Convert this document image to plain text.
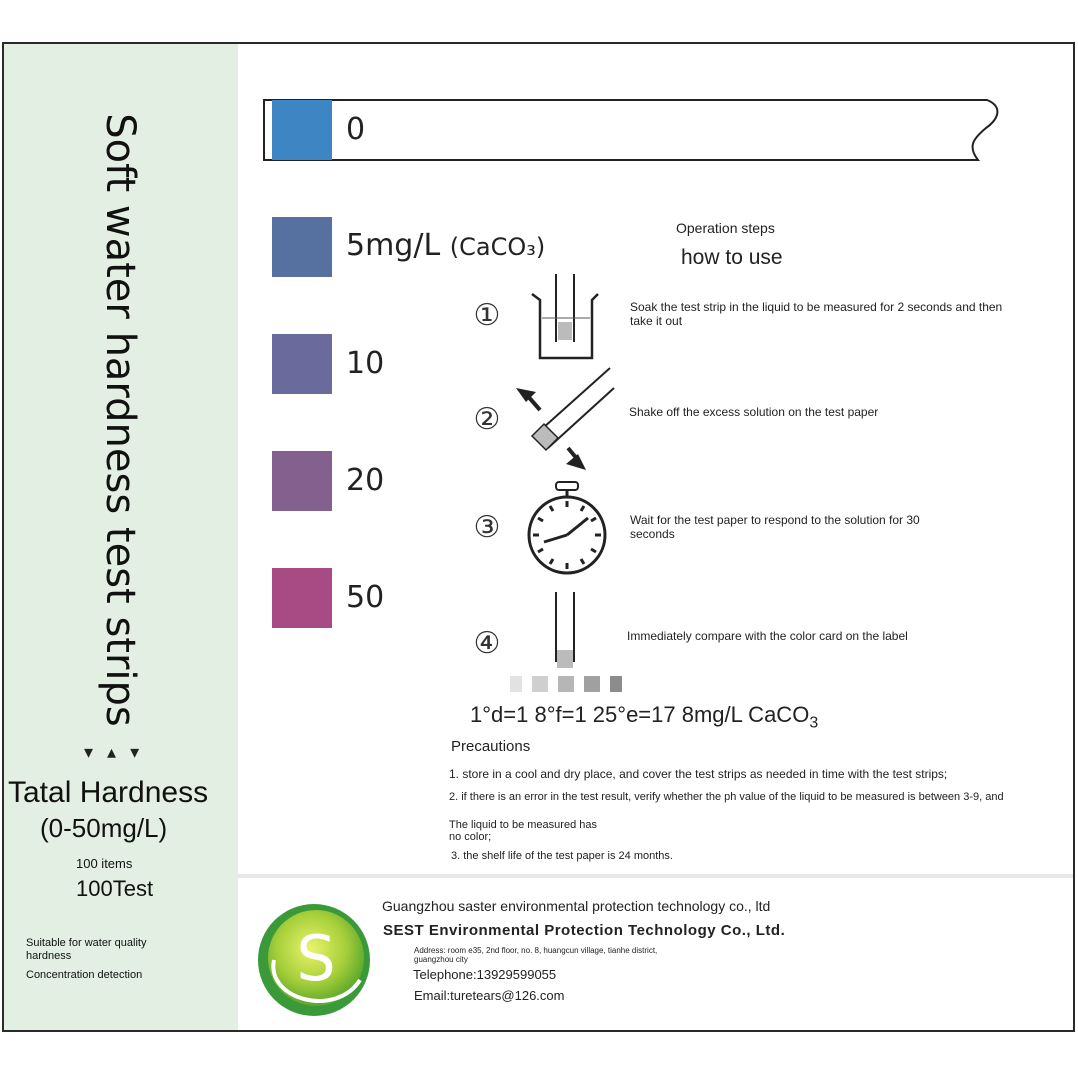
Soft water hardness test strips
▾▴▾
Tatal Hardness
(0-50mg/L)
100 items
100Test
Suitable for water quality hardness
Concentration detection
0
5mg/L (CaCO₃)
10
20
50
Operation steps
how to use
①	Soak the test strip in the liquid to be measured for 2 seconds and then take it out
②	Shake off the excess solution on the test paper
③	Wait for the test paper to respond to the solution for 30 seconds
④	Immediately compare with the color card on the label
1°d=1 8°f=1 25°e=17 8mg/L CaCO$_3$
Precautions
1. store in a cool and dry place, and cover the test strips as needed in time with the test strips;
2. if there is an error in the test result, verify whether the ph value of the liquid to be measured is between 3-9, and
The liquid to be measured has no color;
3. the shelf life of the test paper is 24 months.
S
Guangzhou saster environmental protection technology co., ltd
SEST Environmental Protection Technology Co., Ltd.
Address: room e35, 2nd floor, no. 8, huangcun village, tianhe district, guangzhou city
Telephone:13929599055
Email:turetears@126.com
